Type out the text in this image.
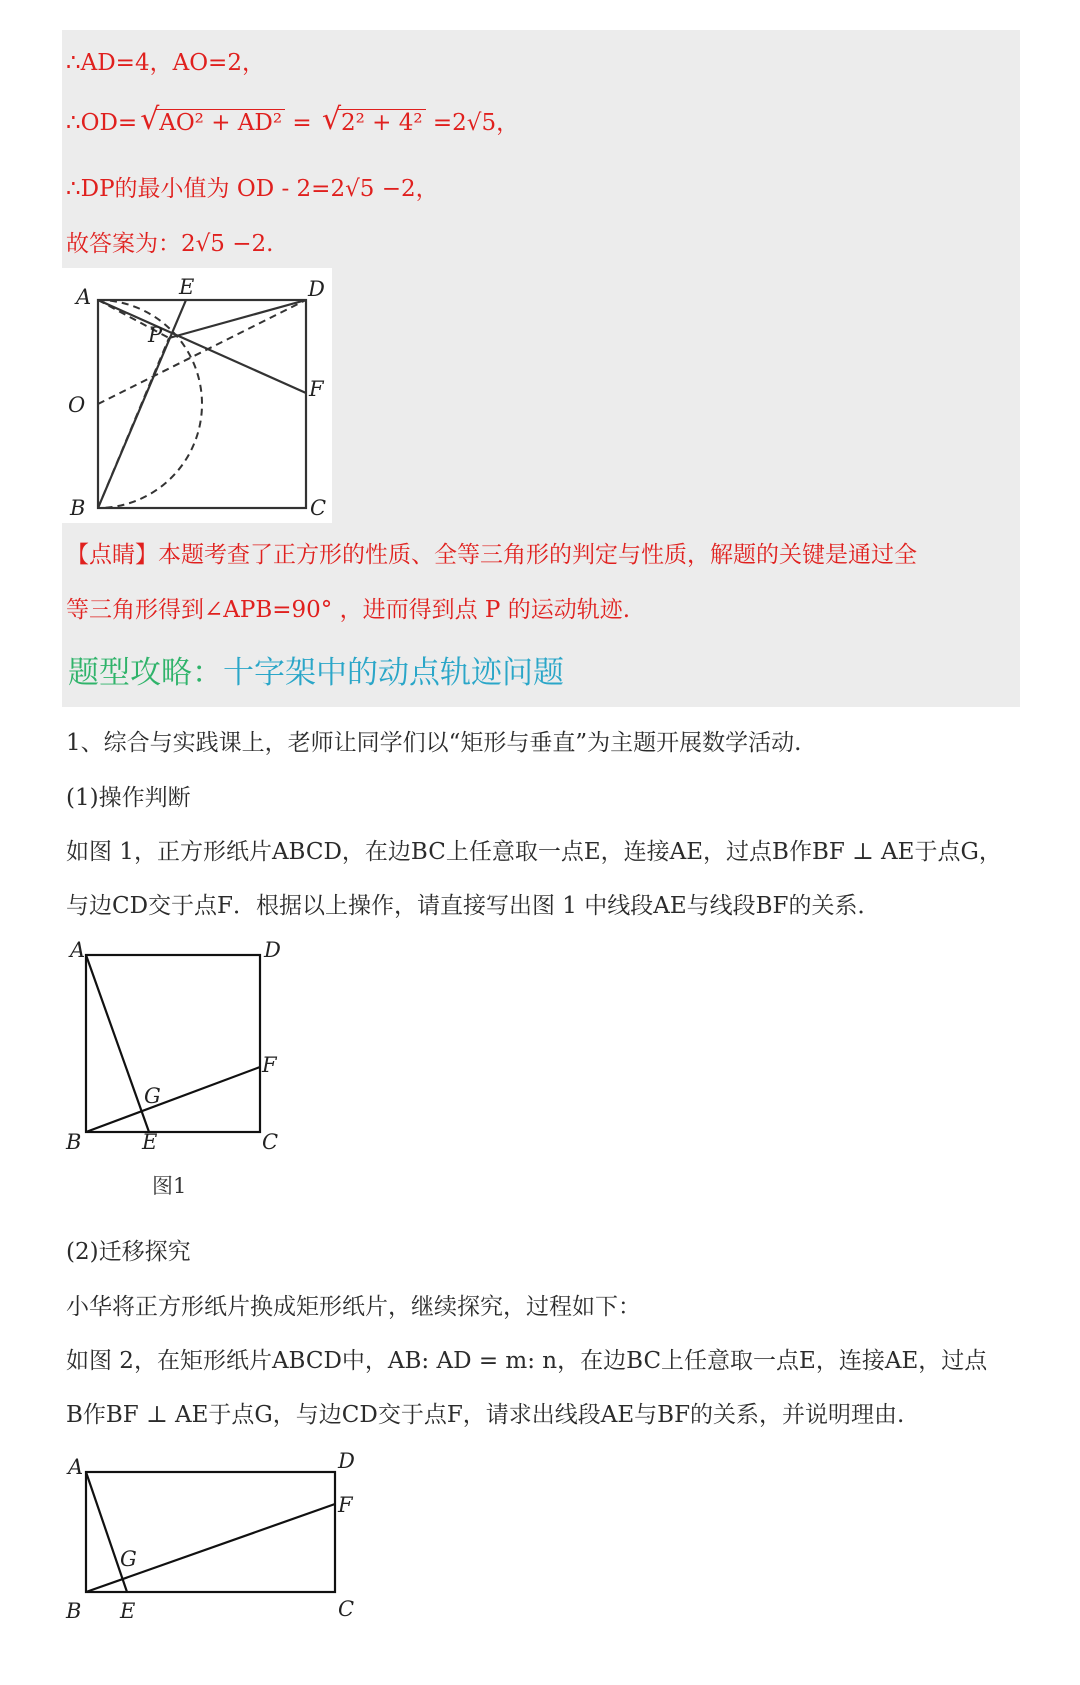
∴AD=4，AO=2，
∴OD=√ AO² + AD² = √ 2² + 4² =2√5，
∴DP的最小值为 OD - 2=2√5 −2，
故答案为：2√5 −2.
A	E	D
P
F
O
B	C
【点睛】本题考查了正方形的性质、全等三角形的判定与性质，解题的关键是通过全
等三角形得到∠APB=90° ，进而得到点 P 的运动轨迹.
题型攻略：十字架中的动点轨迹问题
1、综合与实践课上，老师让同学们以“矩形与垂直”为主题开展数学活动.
(1)操作判断
如图 1，正方形纸片ABCD，在边BC上任意取一点E，连接AE，过点B作BF ⊥ AE于点G，
与边CD交于点F．根据以上操作，请直接写出图 1 中线段AE与线段BF的关系．
A	D
F
G
B	E	C
图1
(2)迁移探究
小华将正方形纸片换成矩形纸片，继续探究，过程如下：
如图 2，在矩形纸片ABCD中，AB: AD = m: n，在边BC上任意取一点E，连接AE，过点
B作BF ⊥ AE于点G，与边CD交于点F，请求出线段AE与BF的关系，并说明理由.
A	D
F
G
B E	C
